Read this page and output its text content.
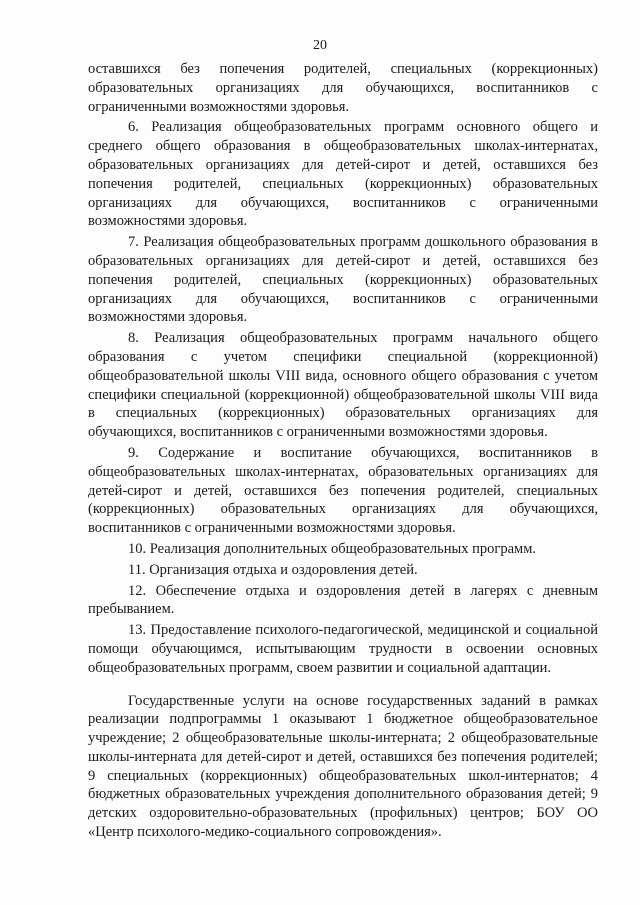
20

оставшихся без попечения родителей, специальных (коррекционных) образовательных организациях для обучающихся, воспитанников с ограниченными возможностями здоровья.

6. Реализация общеобразовательных программ основного общего и среднего общего образования в общеобразовательных школах-интернатах, образовательных организациях для детей-сирот и детей, оставшихся без попечения родителей, специальных (коррекционных) образовательных организациях для обучающихся, воспитанников с ограниченными возможностями здоровья.

7. Реализация общеобразовательных программ дошкольного образования в образовательных организациях для детей-сирот и детей, оставшихся без попечения родителей, специальных (коррекционных) образовательных организациях для обучающихся, воспитанников с ограниченными возможностями здоровья.

8. Реализация общеобразовательных программ начального общего образования с учетом специфики специальной (коррекционной) общеобразовательной школы VIII вида, основного общего образования с учетом специфики специальной (коррекционной) общеобразовательной школы VIII вида в специальных (коррекционных) образовательных организациях для обучающихся, воспитанников с ограниченными возможностями здоровья.

9. Содержание и воспитание обучающихся, воспитанников в общеобразовательных школах-интернатах, образовательных организациях для детей-сирот и детей, оставшихся без попечения родителей, специальных (коррекционных) образовательных организациях для обучающихся, воспитанников с ограниченными возможностями здоровья.

10. Реализация дополнительных общеобразовательных программ.

11. Организация отдыха и оздоровления детей.

12. Обеспечение отдыха и оздоровления детей в лагерях с дневным пребыванием.

13. Предоставление психолого-педагогической, медицинской и социальной помощи обучающимся, испытывающим трудности в освоении основных общеобразовательных программ, своем развитии и социальной адаптации.

Государственные услуги на основе государственных заданий в рамках реализации подпрограммы 1 оказывают 1 бюджетное общеобразовательное учреждение; 2 общеобразовательные школы-интерната; 2 общеобразовательные школы-интерната для детей-сирот и детей, оставшихся без попечения родителей; 9 специальных (коррекционных) общеобразовательных школ-интернатов; 4 бюджетных образовательных учреждения дополнительного образования детей; 9 детских оздоровительно-образовательных (профильных) центров; БОУ ОО «Центр психолого-медико-социального сопровождения».
